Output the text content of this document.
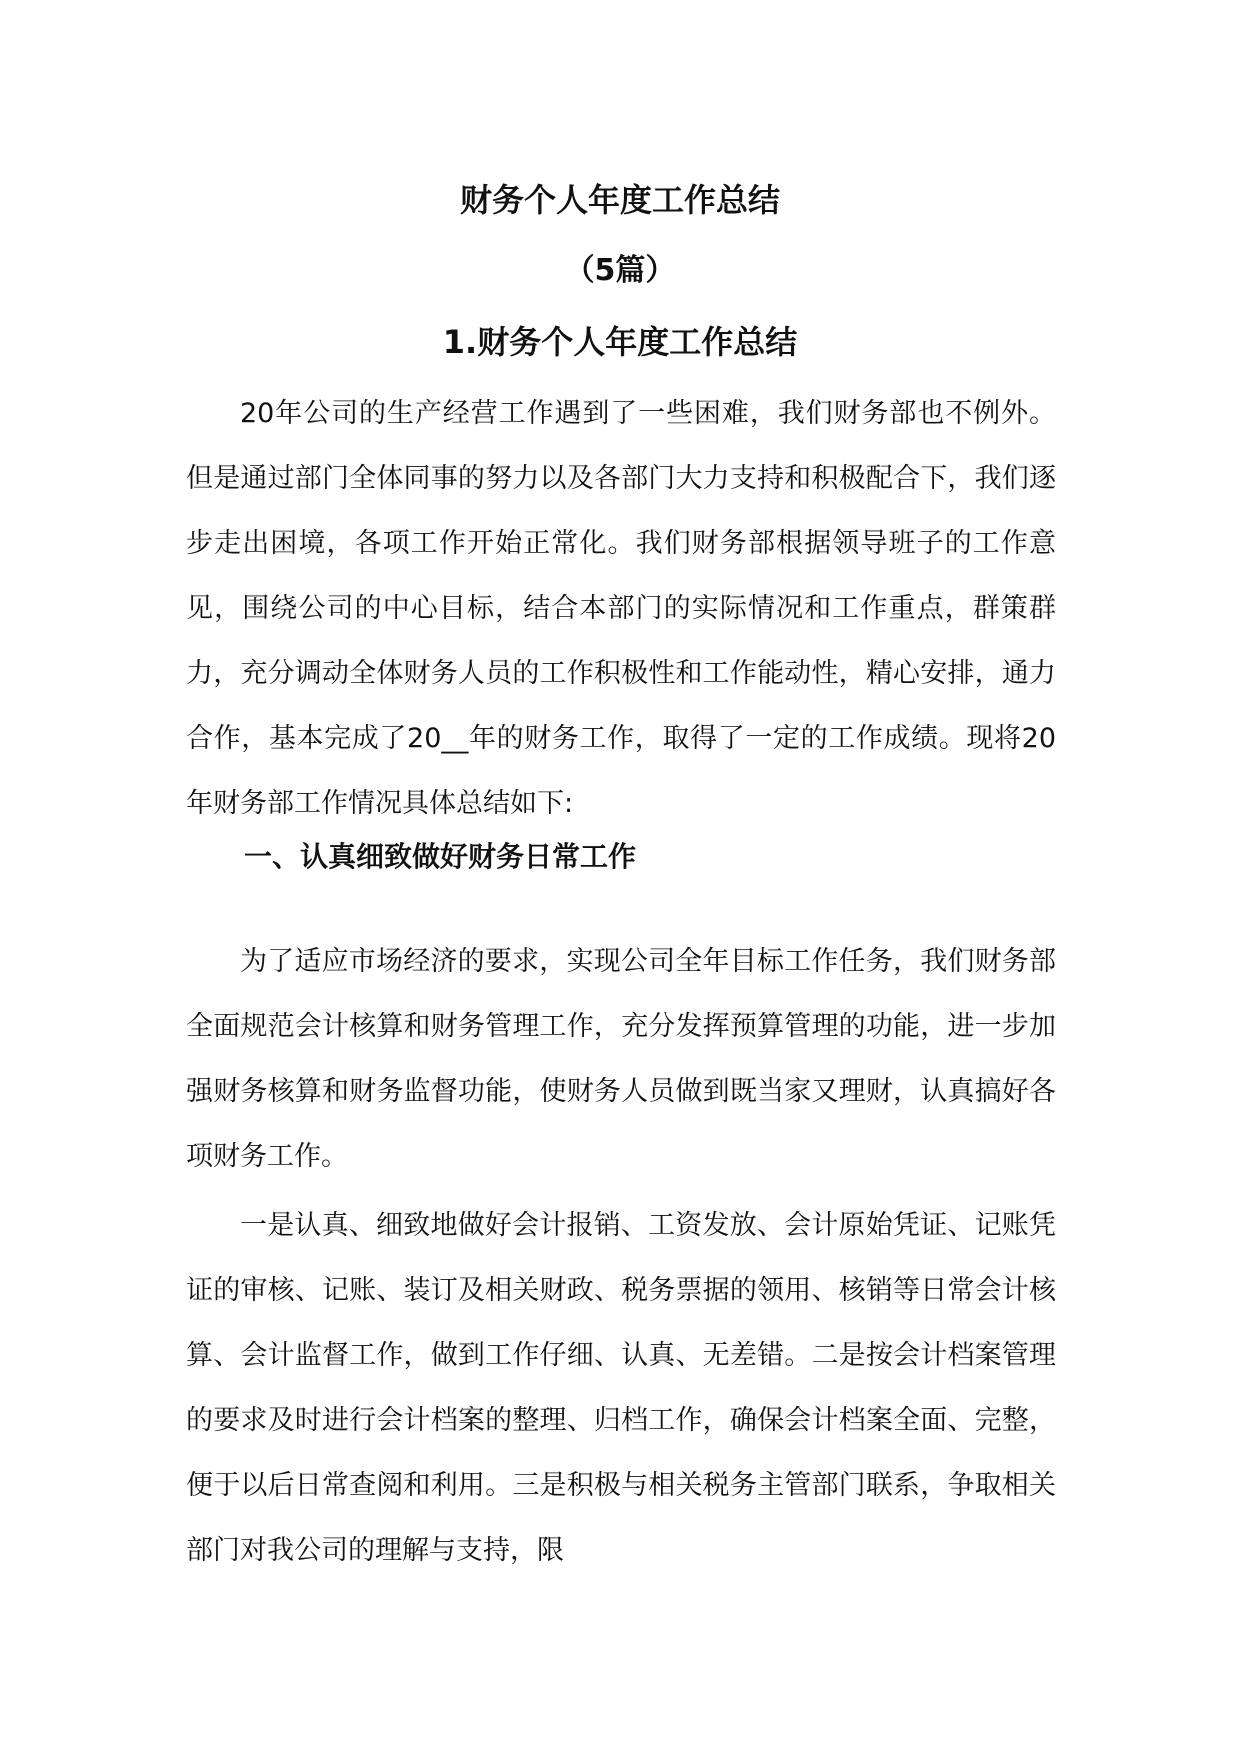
财务个人年度工作总结
（5篇）
1.财务个人年度工作总结

20年公司的生产经营工作遇到了一些困难，我们财务部也不例外。但是通过部门全体同事的努力以及各部门大力支持和积极配合下，我们逐步走出困境，各项工作开始正常化。我们财务部根据领导班子的工作意见，围绕公司的中心目标，结合本部门的实际情况和工作重点，群策群力，充分调动全体财务人员的工作积极性和工作能动性，精心安排，通力合作，基本完成了20__年的财务工作，取得了一定的工作成绩。现将20年财务部工作情况具体总结如下:

一、认真细致做好财务日常工作

为了适应市场经济的要求，实现公司全年目标工作任务，我们财务部全面规范会计核算和财务管理工作，充分发挥预算管理的功能，进一步加强财务核算和财务监督功能，使财务人员做到既当家又理财，认真搞好各项财务工作。

一是认真、细致地做好会计报销、工资发放、会计原始凭证、记账凭证的审核、记账、装订及相关财政、税务票据的领用、核销等日常会计核算、会计监督工作，做到工作仔细、认真、无差错。二是按会计档案管理的要求及时进行会计档案的整理、归档工作，确保会计档案全面、完整，便于以后日常查阅和利用。三是积极与相关税务主管部门联系，争取相关部门对我公司的理解与支持，限
